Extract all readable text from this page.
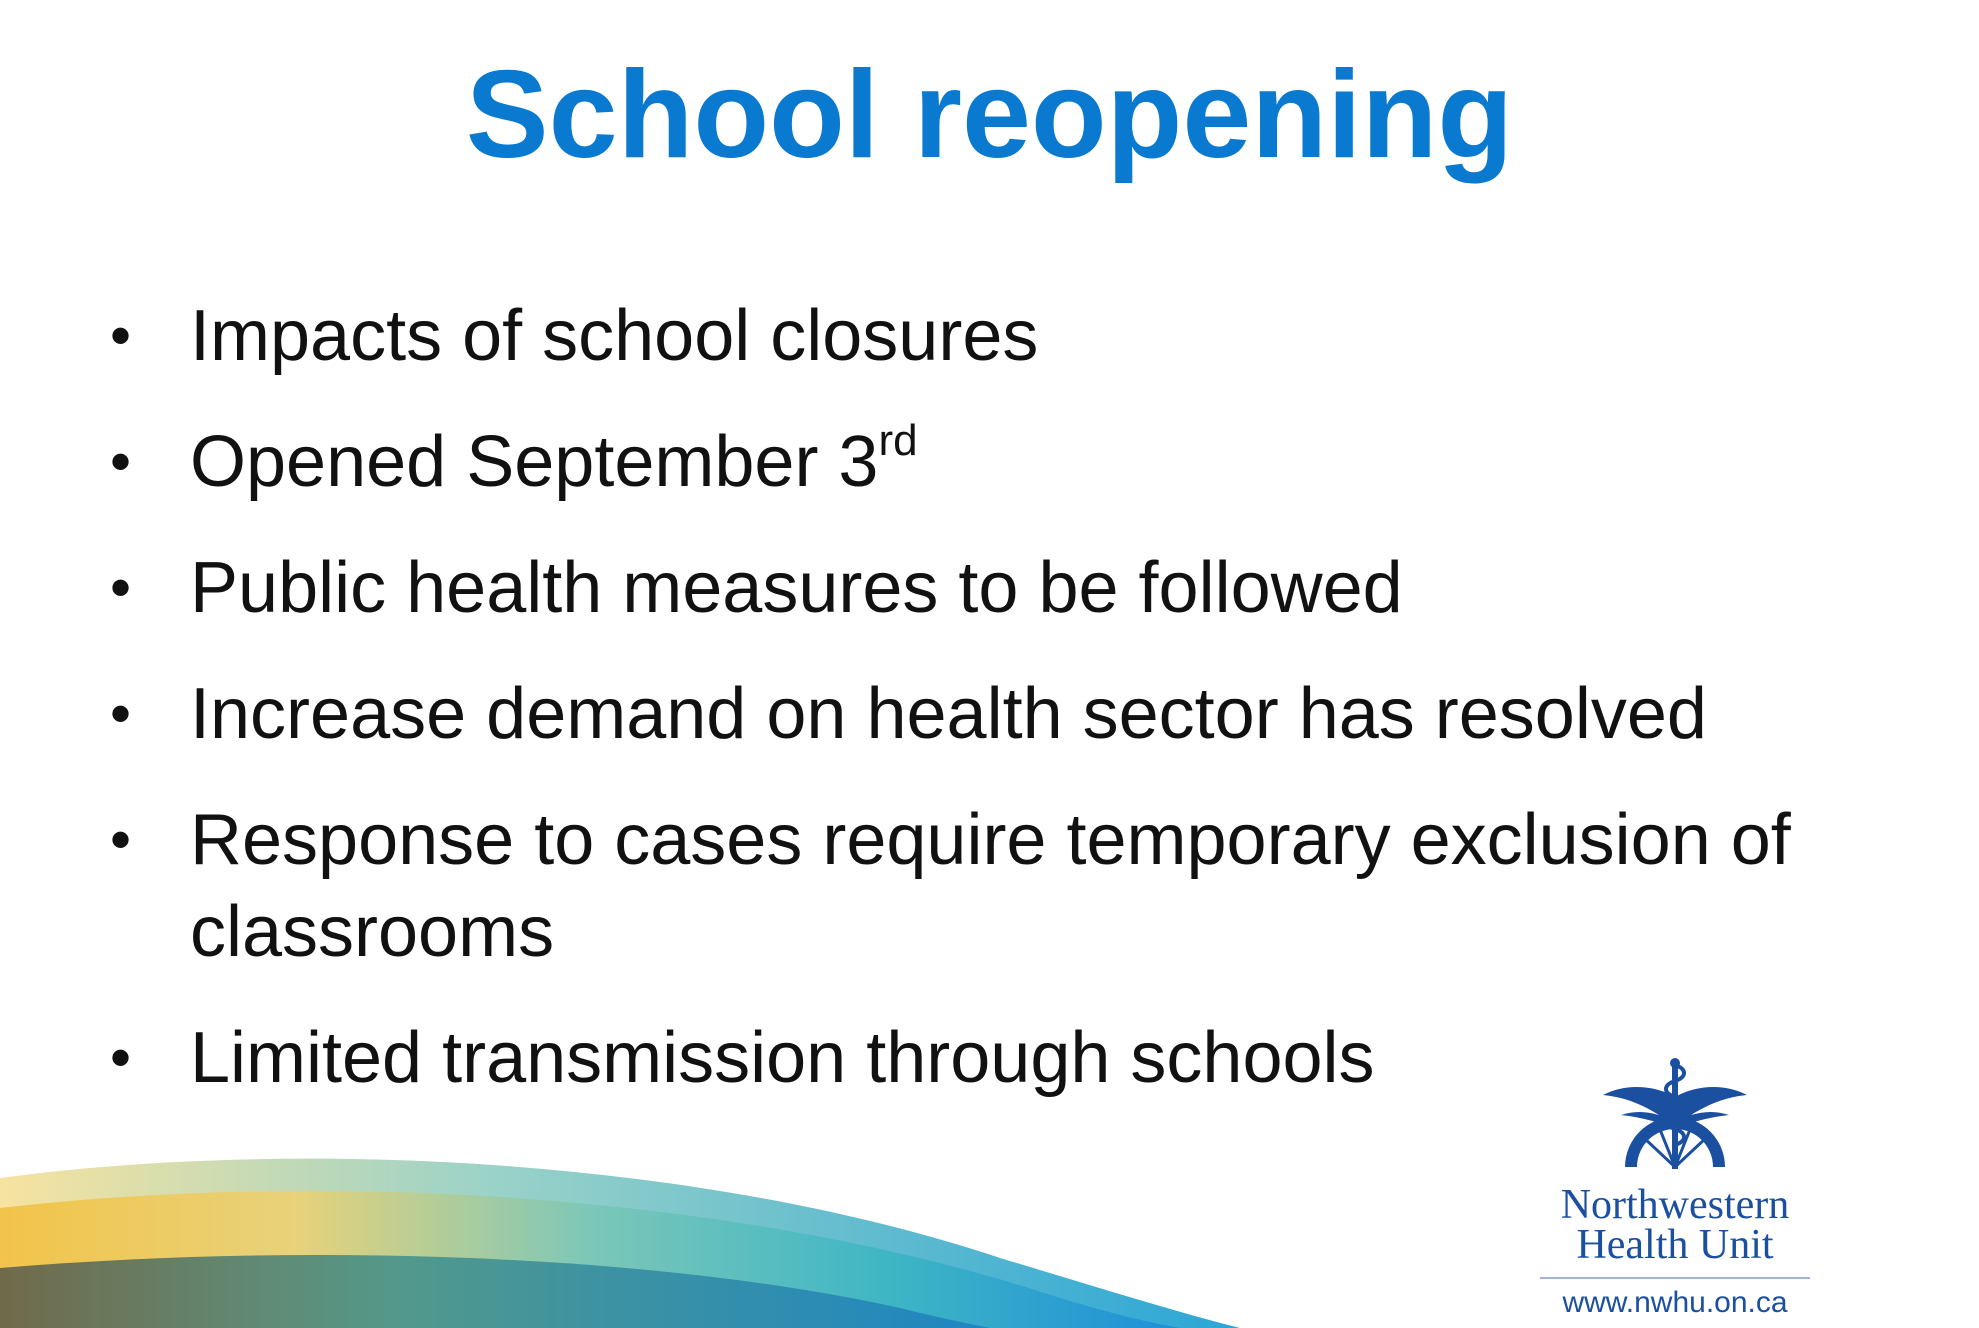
School reopening
• Impacts of school closures
• Opened September 3rd
• Public health measures to be followed
• Increase demand on health sector has resolved
• Response to cases require temporary exclusion of classrooms
• Limited transmission through schools
Northwestern
Health Unit
www.nwhu.on.ca
